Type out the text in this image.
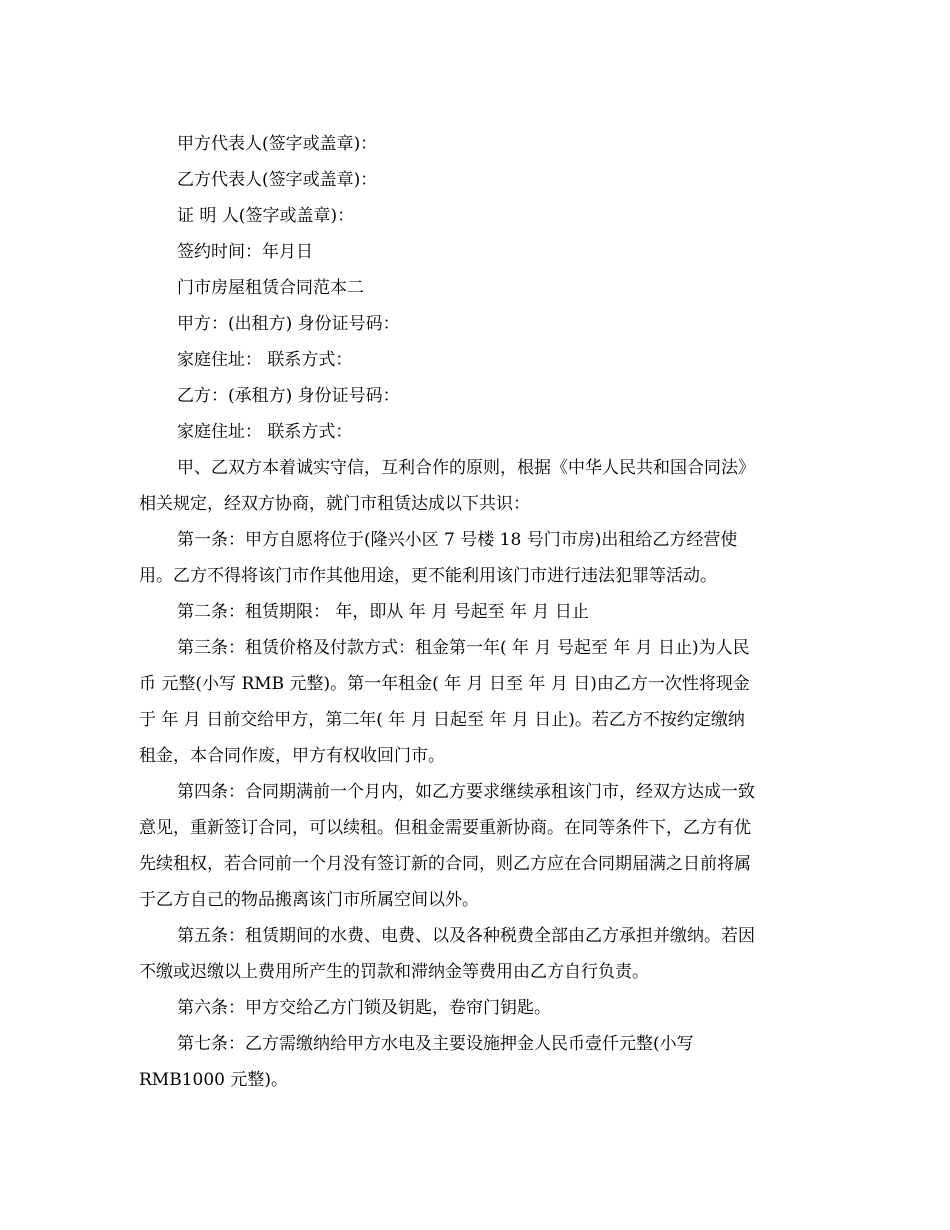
甲方代表人(签字或盖章)：
乙方代表人(签字或盖章)：
证 明 人(签字或盖章)：
签约时间：年月日
门市房屋租赁合同范本二
甲方：(出租方) 身份证号码：
家庭住址： 联系方式：
乙方：(承租方) 身份证号码：
家庭住址： 联系方式：
甲、乙双方本着诚实守信，互利合作的原则，根据《中华人民共和国合同法》
相关规定，经双方协商，就门市租赁达成以下共识：
第一条：甲方自愿将位于(隆兴小区 7 号楼 18 号门市房)出租给乙方经营使
用。乙方不得将该门市作其他用途，更不能利用该门市进行违法犯罪等活动。
第二条：租赁期限： 年，即从 年 月 号起至 年 月 日止
第三条：租赁价格及付款方式：租金第一年( 年 月 号起至 年 月 日止)为人民
币 元整(小写 RMB 元整)。第一年租金( 年 月 日至 年 月 日)由乙方一次性将现金
于 年 月 日前交给甲方，第二年( 年 月 日起至 年 月 日止)。若乙方不按约定缴纳
租金，本合同作废，甲方有权收回门市。
第四条：合同期满前一个月内，如乙方要求继续承租该门市，经双方达成一致
意见，重新签订合同，可以续租。但租金需要重新协商。在同等条件下，乙方有优
先续租权，若合同前一个月没有签订新的合同，则乙方应在合同期届满之日前将属
于乙方自己的物品搬离该门市所属空间以外。
第五条：租赁期间的水费、电费、以及各种税费全部由乙方承担并缴纳。若因
不缴或迟缴以上费用所产生的罚款和滞纳金等费用由乙方自行负责。
第六条：甲方交给乙方门锁及钥匙，卷帘门钥匙。
第七条：乙方需缴纳给甲方水电及主要设施押金人民币壹仟元整(小写
RMB1000 元整)。
